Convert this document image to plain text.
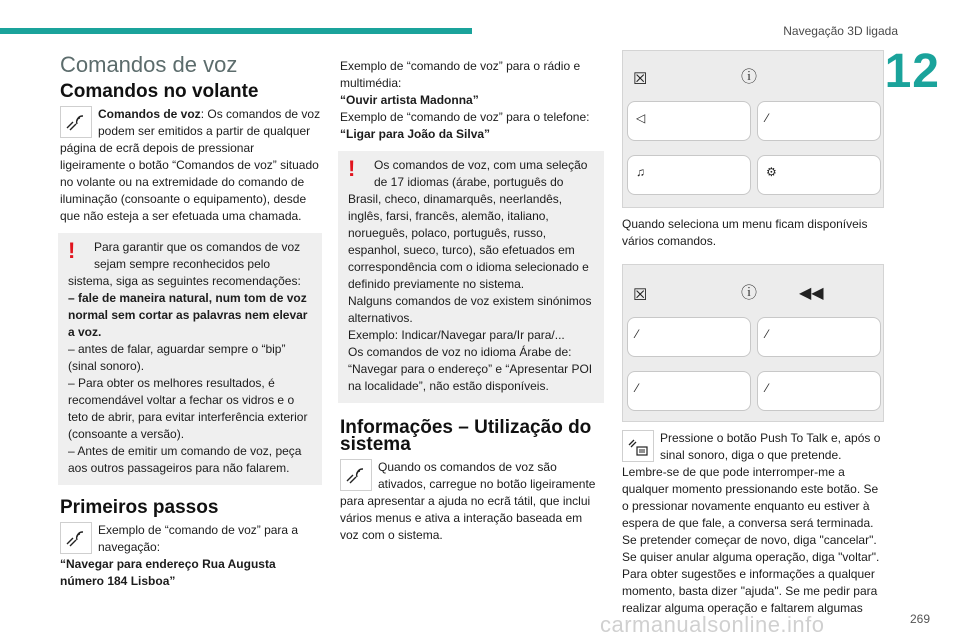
Navegação 3D ligada
12
Comandos de voz
Comandos no volante

Comandos de voz: Os comandos de voz podem ser emitidos a partir de qualquer página de ecrã depois de pressionar ligeiramente o botão “Comandos de voz” situado no volante ou na extremidade do comando de iluminação (consoante o equipamento), desde que não esteja a ser efetuada uma chamada.

!	Para garantir que os comandos de voz sejam sempre reconhecidos pelo sistema, siga as seguintes recomendações:
– fale de maneira natural, num tom de voz normal sem cortar as palavras nem elevar a voz.
– antes de falar, aguardar sempre o “bip” (sinal sonoro).
– Para obter os melhores resultados, é recomendável voltar a fechar os vidros e o teto de abrir, para evitar interferência exterior (consoante a versão).
– Antes de emitir um comando de voz, peça aos outros passageiros para não falarem.
Primeiros passos

Exemplo de “comando de voz” para a navegação:
“Navegar para endereço Rua Augusta número 184 Lisboa”

Exemplo de “comando de voz” para o rádio e multimédia:
“Ouvir artista Madonna”
Exemplo de “comando de voz” para o telefone:
“Ligar para João da Silva”
!	Os comandos de voz, com uma seleção de 17 idiomas (árabe, português do Brasil, checo, dinamarquês, neerlandês, inglês, farsi, francês, alemão, italiano, norueguês, polaco, português, russo, espanhol, sueco, turco), são efetuados em correspondência com o idioma selecionado e definido previamente no sistema.
Nalguns comandos de voz existem sinónimos alternativos.
Exemplo: Indicar/Navegar para/Ir para/...
Os comandos de voz no idioma Árabe de: “Navegar para o endereço” e “Apresentar POI na localidade”, não estão disponíveis.
Informações – Utilização do sistema

Quando os comandos de voz são ativados, carregue no botão ligeiramente para apresentar a ajuda no ecrã tátil, que inclui vários menus e ativa a interação baseada em voz com o sistema.

☒	ⓘ
◁	⁄
♫	⚙
Quando seleciona um menu ficam disponíveis vários comandos.
☒	ⓘ	◀◀
⁄	⁄
⁄	⁄

Pressione o botão Push To Talk e, após o sinal sonoro, diga o que pretende.

Lembre-se de que pode interromper-me a qualquer momento pressionando este botão. Se o pressionar novamente enquanto eu estiver à espera de que fale, a conversa será terminada.
Se pretender começar de novo, diga "cancelar".
Se quiser anular alguma operação, diga "voltar".
Para obter sugestões e informações a qualquer momento, basta dizer "ajuda". Se me pedir para realizar alguma operação e faltarem algumas
carmanualsonline.info	269
